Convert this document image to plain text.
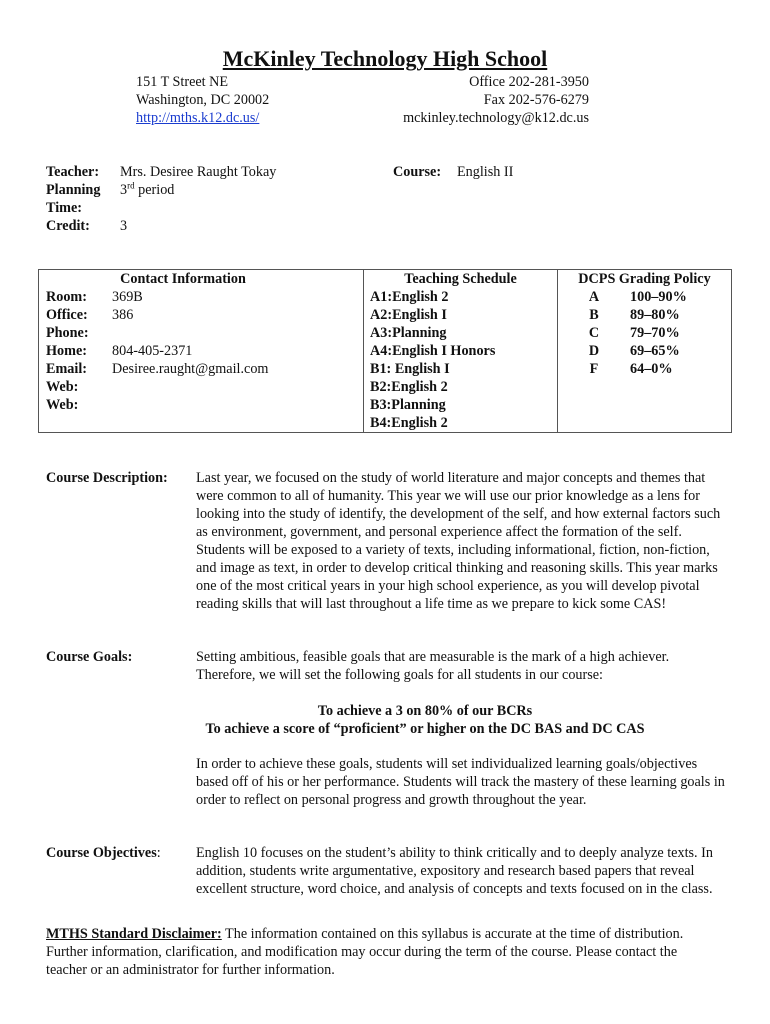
McKinley Technology High School
151 T Street NE
Washington, DC 20002
http://mths.k12.dc.us/
Office 202-281-3950
Fax 202-576-6279
mckinley.technology@k12.dc.us
Teacher: Mrs. Desiree Raught Tokay
Planning
Time:
3rd period
Credit: 3
Course: English II
Contact Information
Room: 369B
Office: 386
Phone:
Home: 804-405-2371
Email: Desiree.raught@gmail.com
Web:
Web:

Teaching Schedule
A1:English 2
A2:English I
A3:Planning
A4:English I Honors
B1: English I
B2:English 2
B3:Planning
B4:English 2

DCPS Grading Policy
A 100–90%
B 89–80%
C 79–70%
D 69–65%
F 64–0%
Course Description: Last year, we focused on the study of world literature and major concepts and themes that were common to all of humanity. This year we will use our prior knowledge as a lens for looking into the study of identify, the development of the self, and how external factors such as environment, government, and personal experience affect the formation of the self. Students will be exposed to a variety of texts, including informational, fiction, non-fiction, and image as text, in order to develop critical thinking and reasoning skills. This year marks one of the most critical years in your high school experience, as you will develop pivotal reading skills that will last throughout a life time as we prepare to kick some CAS!
Course Goals:	Setting ambitious, feasible goals that are measurable is the mark of a high achiever. Therefore, we will set the following goals for all students in our course:
To achieve a 3 on 80% of our BCRs
To achieve a score of “proficient” or higher on the DC BAS and DC CAS
In order to achieve these goals, students will set individualized learning goals/objectives based off of his or her performance. Students will track the mastery of these learning goals in order to reflect on personal progress and growth throughout the year.
Course Objectives: English 10 focuses on the student’s ability to think critically and to deeply analyze texts. In addition, students write argumentative, expository and research based papers that reveal excellent structure, word choice, and analysis of concepts and texts focused on in the class.
MTHS Standard Disclaimer: The information contained on this syllabus is accurate at the time of distribution. Further information, clarification, and modification may occur during the term of the course. Please contact the teacher or an administrator for further information.
